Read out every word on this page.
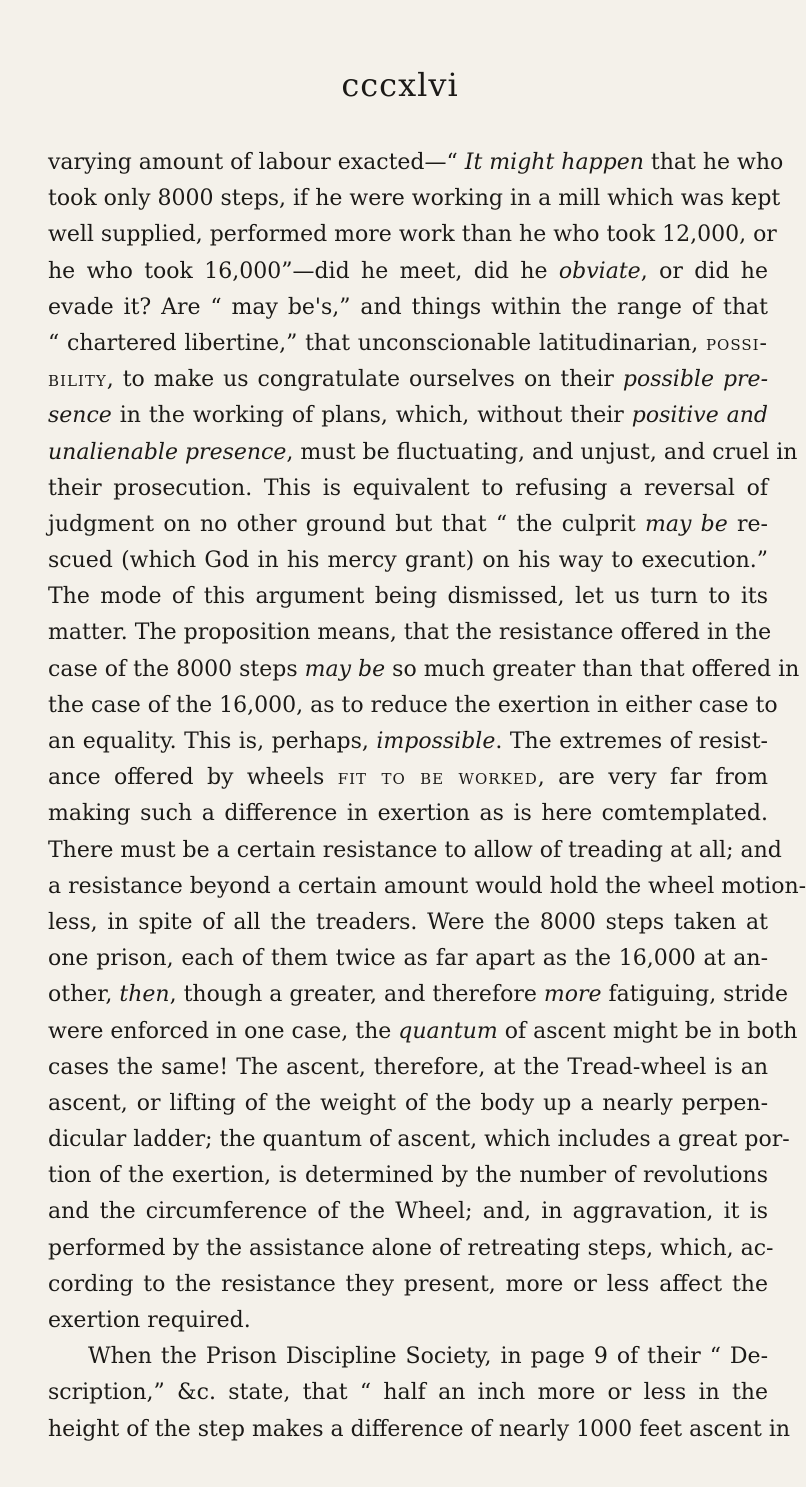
cccxlvi
varying amount of labour exacted—“ It might happen that he who
took only 8000 steps, if he were working in a mill which was kept
well supplied, performed more work than he who took 12,000, or
he who took 16,000”—did he meet, did he obviate, or did he
evade it? Are “ may be's,” and things within the range of that
“ chartered libertine,” that unconscionable latitudinarian, possi-
bility, to make us congratulate ourselves on their possible pre-
sence in the working of plans, which, without their positive and
unalienable presence, must be fluctuating, and unjust, and cruel in
their prosecution. This is equivalent to refusing a reversal of
judgment on no other ground but that “ the culprit may be re-
scued (which God in his mercy grant) on his way to execution.”
The mode of this argument being dismissed, let us turn to its
matter. The proposition means, that the resistance offered in the
case of the 8000 steps may be so much greater than that offered in
the case of the 16,000, as to reduce the exertion in either case to
an equality. This is, perhaps, impossible. The extremes of resist-
ance offered by wheels fit to be worked, are very far from
making such a difference in exertion as is here comtemplated.
There must be a certain resistance to allow of treading at all; and
a resistance beyond a certain amount would hold the wheel motion-
less, in spite of all the treaders. Were the 8000 steps taken at
one prison, each of them twice as far apart as the 16,000 at an-
other, then, though a greater, and therefore more fatiguing, stride
were enforced in one case, the quantum of ascent might be in both
cases the same! The ascent, therefore, at the Tread-wheel is an
ascent, or lifting of the weight of the body up a nearly perpen-
dicular ladder; the quantum of ascent, which includes a great por-
tion of the exertion, is determined by the number of revolutions
and the circumference of the Wheel; and, in aggravation, it is
performed by the assistance alone of retreating steps, which, ac-
cording to the resistance they present, more or less affect the
exertion required.
When the Prison Discipline Society, in page 9 of their “ De-
scription,” &c. state, that “ half an inch more or less in the
height of the step makes a difference of nearly 1000 feet ascent in
